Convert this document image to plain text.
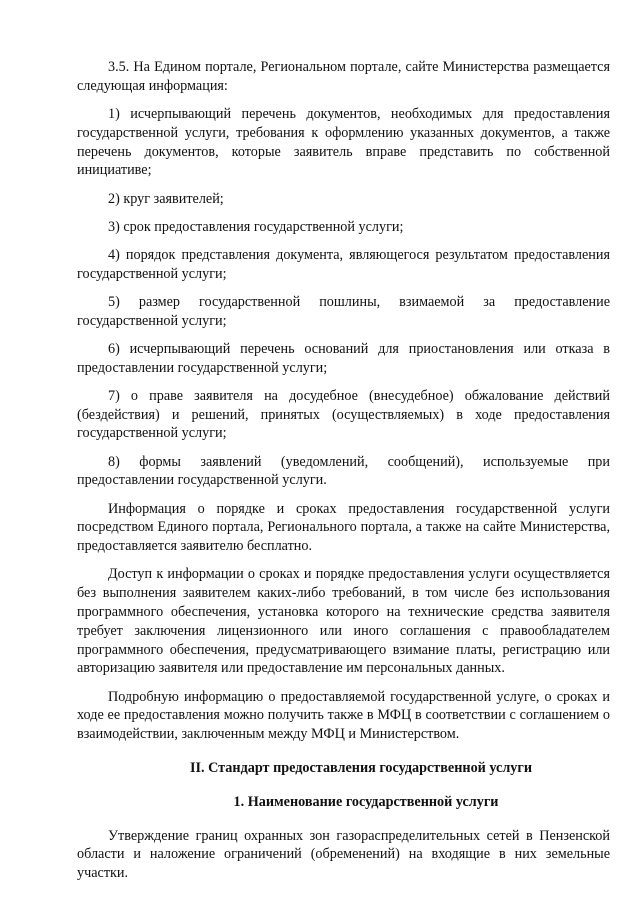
3.5. На Едином портале, Региональном портале, сайте Министерства размещается следующая информация:

1) исчерпывающий перечень документов, необходимых для предоставления государственной услуги, требования к оформлению указанных документов, а также перечень документов, которые заявитель вправе представить по собственной инициативе;

2) круг заявителей;

3) срок предоставления государственной услуги;

4) порядок представления документа, являющегося результатом предоставления государственной услуги;

5) размер государственной пошлины, взимаемой за предоставление государственной услуги;

6) исчерпывающий перечень оснований для приостановления или отказа в предоставлении государственной услуги;

7) о праве заявителя на досудебное (внесудебное) обжалование действий (бездействия) и решений, принятых (осуществляемых) в ходе предоставления государственной услуги;

8) формы заявлений (уведомлений, сообщений), используемые при предоставлении государственной услуги.

Информация о порядке и сроках предоставления государственной услуги посредством Единого портала, Регионального портала, а также на сайте Министерства, предоставляется заявителю бесплатно.

Доступ к информации о сроках и порядке предоставления услуги осуществляется без выполнения заявителем каких-либо требований, в том числе без использования программного обеспечения, установка которого на технические средства заявителя требует заключения лицензионного или иного соглашения с правообладателем программного обеспечения, предусматривающего взимание платы, регистрацию или авторизацию заявителя или предоставление им персональных данных.

Подробную информацию о предоставляемой государственной услуге, о сроках и ходе ее предоставления можно получить также в МФЦ в соответствии с соглашением о взаимодействии, заключенным между МФЦ и Министерством.

II. Стандарт предоставления государственной услуги

1. Наименование государственной услуги

Утверждение границ охранных зон газораспределительных сетей в Пензенской области и наложение ограничений (обременений) на входящие в них земельные участки.
